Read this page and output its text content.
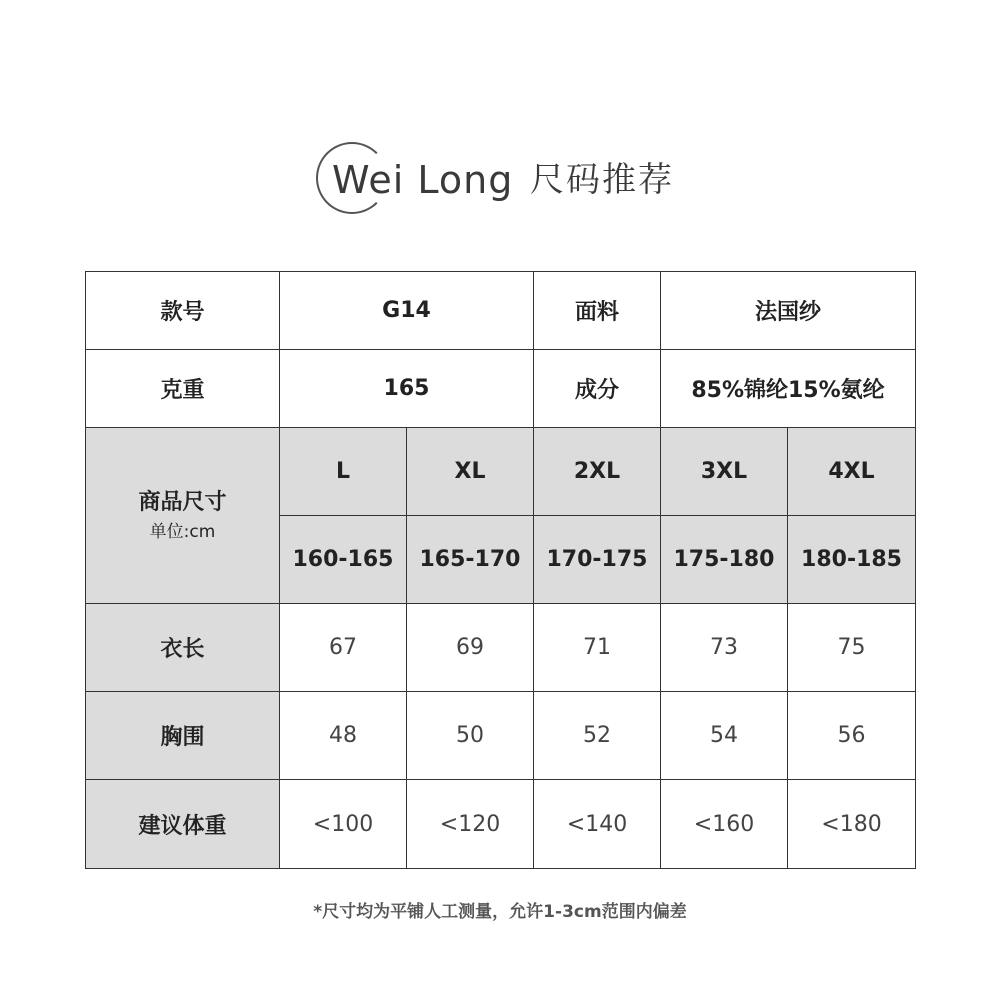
Wei Long 尺码推荐
款号	G14		面料	法国纱	
克重	165		成分	85%锦纶15%氨纶	

商品尺寸
单位:cm	L	XL	2XL	3XL	4XL
	160-165	165-170	170-175	175-180	180-185
衣长	67	69	71	73	75
胸围	48	50	52	54	56
建议体重	<100	<120	<140	<160	<180
*尺寸均为平铺人工测量，允许1-3cm范围内偏差
